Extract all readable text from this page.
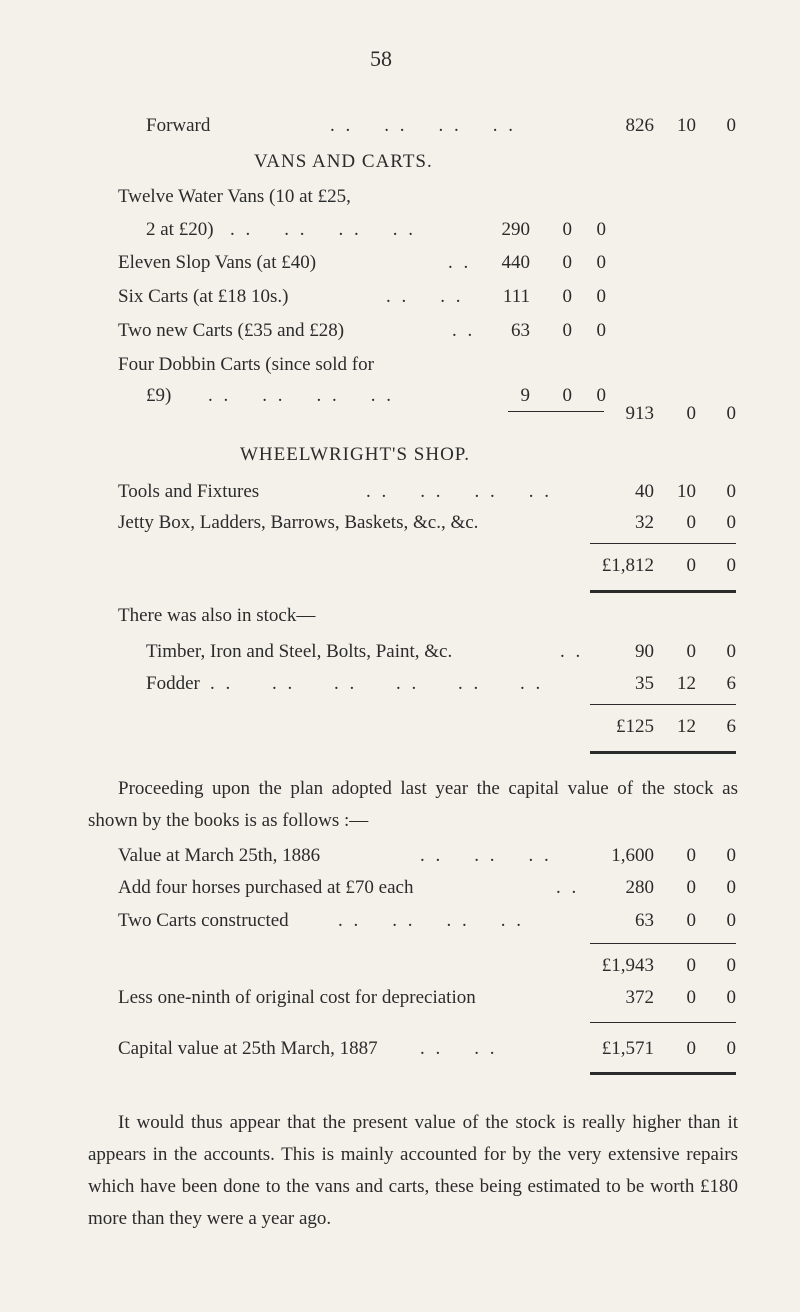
58
Forward	. .    . .    . .    . .	826	10	0
VANS AND CARTS.
Twelve Water Vans (10 at £25,
2 at £20) . .    . .    . .    . .	290	0	0
Eleven Slop Vans (at £40)	. .	440	0	0
Six Carts (at £18 10s.)	. .    . .	111	0	0
Two new Carts (£35 and £28)	. .	63	0	0
Four Dobbin Carts (since sold for
£9) . .    . .    . .    . .	9	0	0
913	0	0
WHEELWRIGHT'S SHOP.
Tools and Fixtures	. .    . .    . .    . .	40	10	0
Jetty Box, Ladders, Barrows, Baskets, &c., &c.	32	0	0
£1,812	0	0
There was also in stock—
Timber, Iron and Steel, Bolts, Paint, &c.	. .	90	0	0
Fodder . .     . .     . .     . .     . .     . .	35	12	6
£125	12	6
Proceeding upon the plan adopted last year the capital value of the stock as shown by the books is as follows :—
Value at March 25th, 1886	. .    . .    . .	1,600	0	0
Add four horses purchased at £70 each	. .	280	0	0
Two Carts constructed	. .    . .    . .    . .	63	0	0
£1,943	0	0
Less one-ninth of original cost for depreciation	372	0	0
Capital value at 25th March, 1887 . .    . .	£1,571	0	0
It would thus appear that the present value of the stock is really higher than it appears in the accounts. This is mainly accounted for by the very extensive repairs which have been done to the vans and carts, these being estimated to be worth £180 more than they were a year ago.
